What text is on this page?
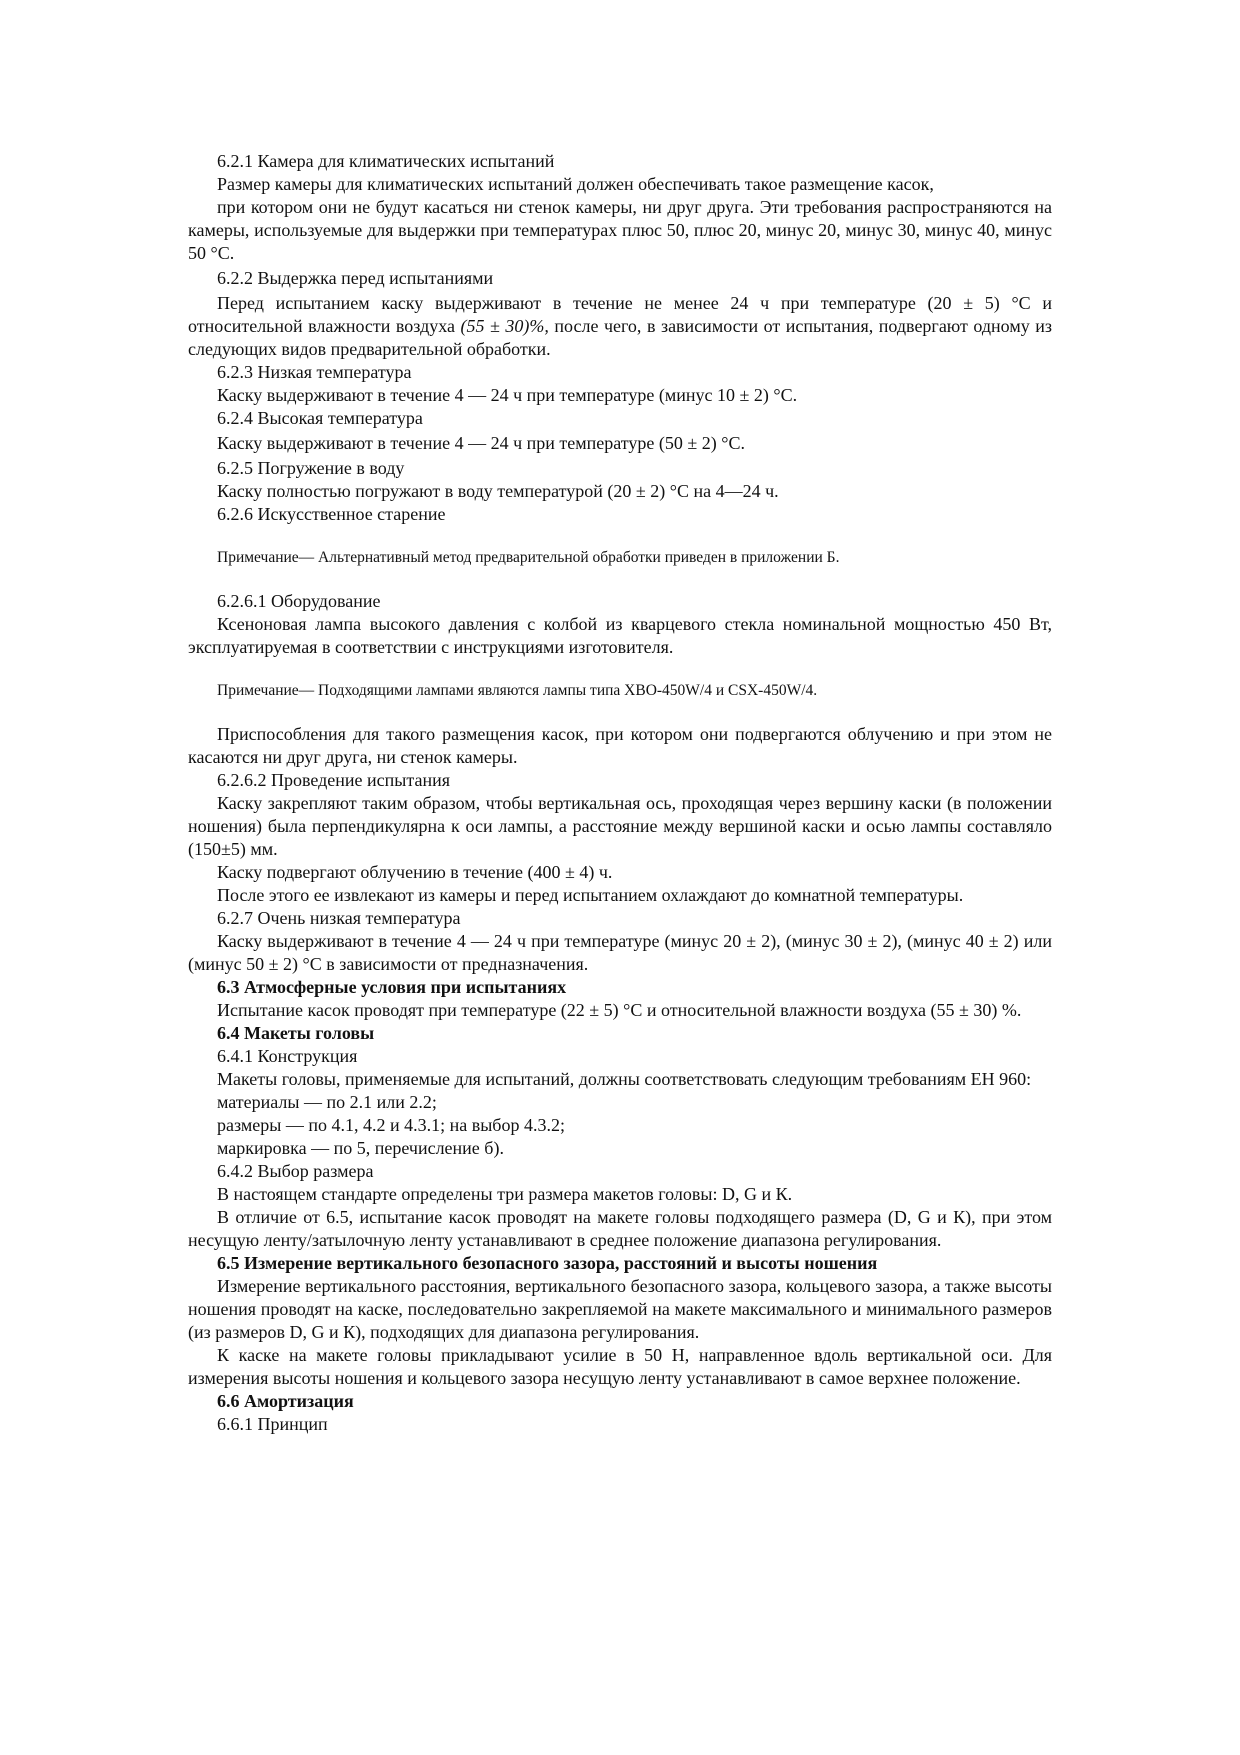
6.2.1 Камера для климатических испытаний

Размер камеры для климатических испытаний должен обеспечивать такое размещение касок,

при котором они не будут касаться ни стенок камеры, ни друг друга. Эти требования распространяются на камеры, используемые для выдержки при температурах плюс 50, плюс 20, минус 20, минус 30, минус 40, минус 50 °С.

6.2.2 Выдержка перед испытаниями

Перед испытанием каску выдерживают в течение не менее 24 ч при температуре (20 ± 5) °С и относительной влажности воздуха (55 ± 30)%, после чего, в зависимости от испытания, подвергают одному из следующих видов предварительной обработки.

6.2.3 Низкая температура

Каску выдерживают в течение 4 — 24 ч при температуре (минус 10 ± 2) °С.

6.2.4 Высокая температура

Каску выдерживают в течение 4 — 24 ч при температуре (50 ± 2) °С.

6.2.5 Погружение в воду

Каску полностью погружают в воду температурой (20 ± 2) °С на 4—24 ч.

6.2.6 Искусственное старение

Примечание— Альтернативный метод предварительной обработки приведен в приложении Б.

6.2.6.1 Оборудование

Ксеноновая лампа высокого давления с колбой из кварцевого стекла номинальной мощностью 450 Вт, эксплуатируемая в соответствии с инструкциями изготовителя.

Примечание— Подходящими лампами являются лампы типа XBO-450W/4 и CSX-450W/4.

Приспособления для такого размещения касок, при котором они подвергаются облучению и при этом не касаются ни друг друга, ни стенок камеры.

6.2.6.2 Проведение испытания

Каску закрепляют таким образом, чтобы вертикальная ось, проходящая через вершину каски (в положении ношения) была перпендикулярна к оси лампы, а расстояние между вершиной каски и осью лампы составляло (150±5) мм.

Каску подвергают облучению в течение (400 ± 4) ч.

После этого ее извлекают из камеры и перед испытанием охлаждают до комнатной температуры.

6.2.7 Очень низкая температура

Каску выдерживают в течение 4 — 24 ч при температуре (минус 20 ± 2), (минус 30 ± 2), (минус 40 ± 2) или (минус 50 ± 2) °С в зависимости от предназначения.

6.3 Атмосферные условия при испытаниях

Испытание касок проводят при температуре (22 ± 5) °С и относительной влажности воздуха (55 ± 30) %.

6.4 Макеты головы

6.4.1 Конструкция

Макеты головы, применяемые для испытаний, должны соответствовать следующим требованиям ЕН 960:

материалы — по 2.1 или 2.2;

размеры — по 4.1, 4.2 и 4.3.1; на выбор 4.3.2;

маркировка — по 5, перечисление б).

6.4.2 Выбор размера

В настоящем стандарте определены три размера макетов головы: D, G и К.

В отличие от 6.5, испытание касок проводят на макете головы подходящего размера (D, G и К), при этом несущую ленту/затылочную ленту устанавливают в среднее положение диапазона регулирования.

6.5 Измерение вертикального безопасного зазора, расстояний и высоты ношения

Измерение вертикального расстояния, вертикального безопасного зазора, кольцевого зазора, а также высоты ношения проводят на каске, последовательно закрепляемой на макете максимального и минимального размеров (из размеров D, G и К), подходящих для диапазона регулирования.

К каске на макете головы прикладывают усилие в 50 Н, направленное вдоль вертикальной оси. Для измерения высоты ношения и кольцевого зазора несущую ленту устанавливают в самое верхнее положение.

6.6 Амортизация

6.6.1 Принцип
